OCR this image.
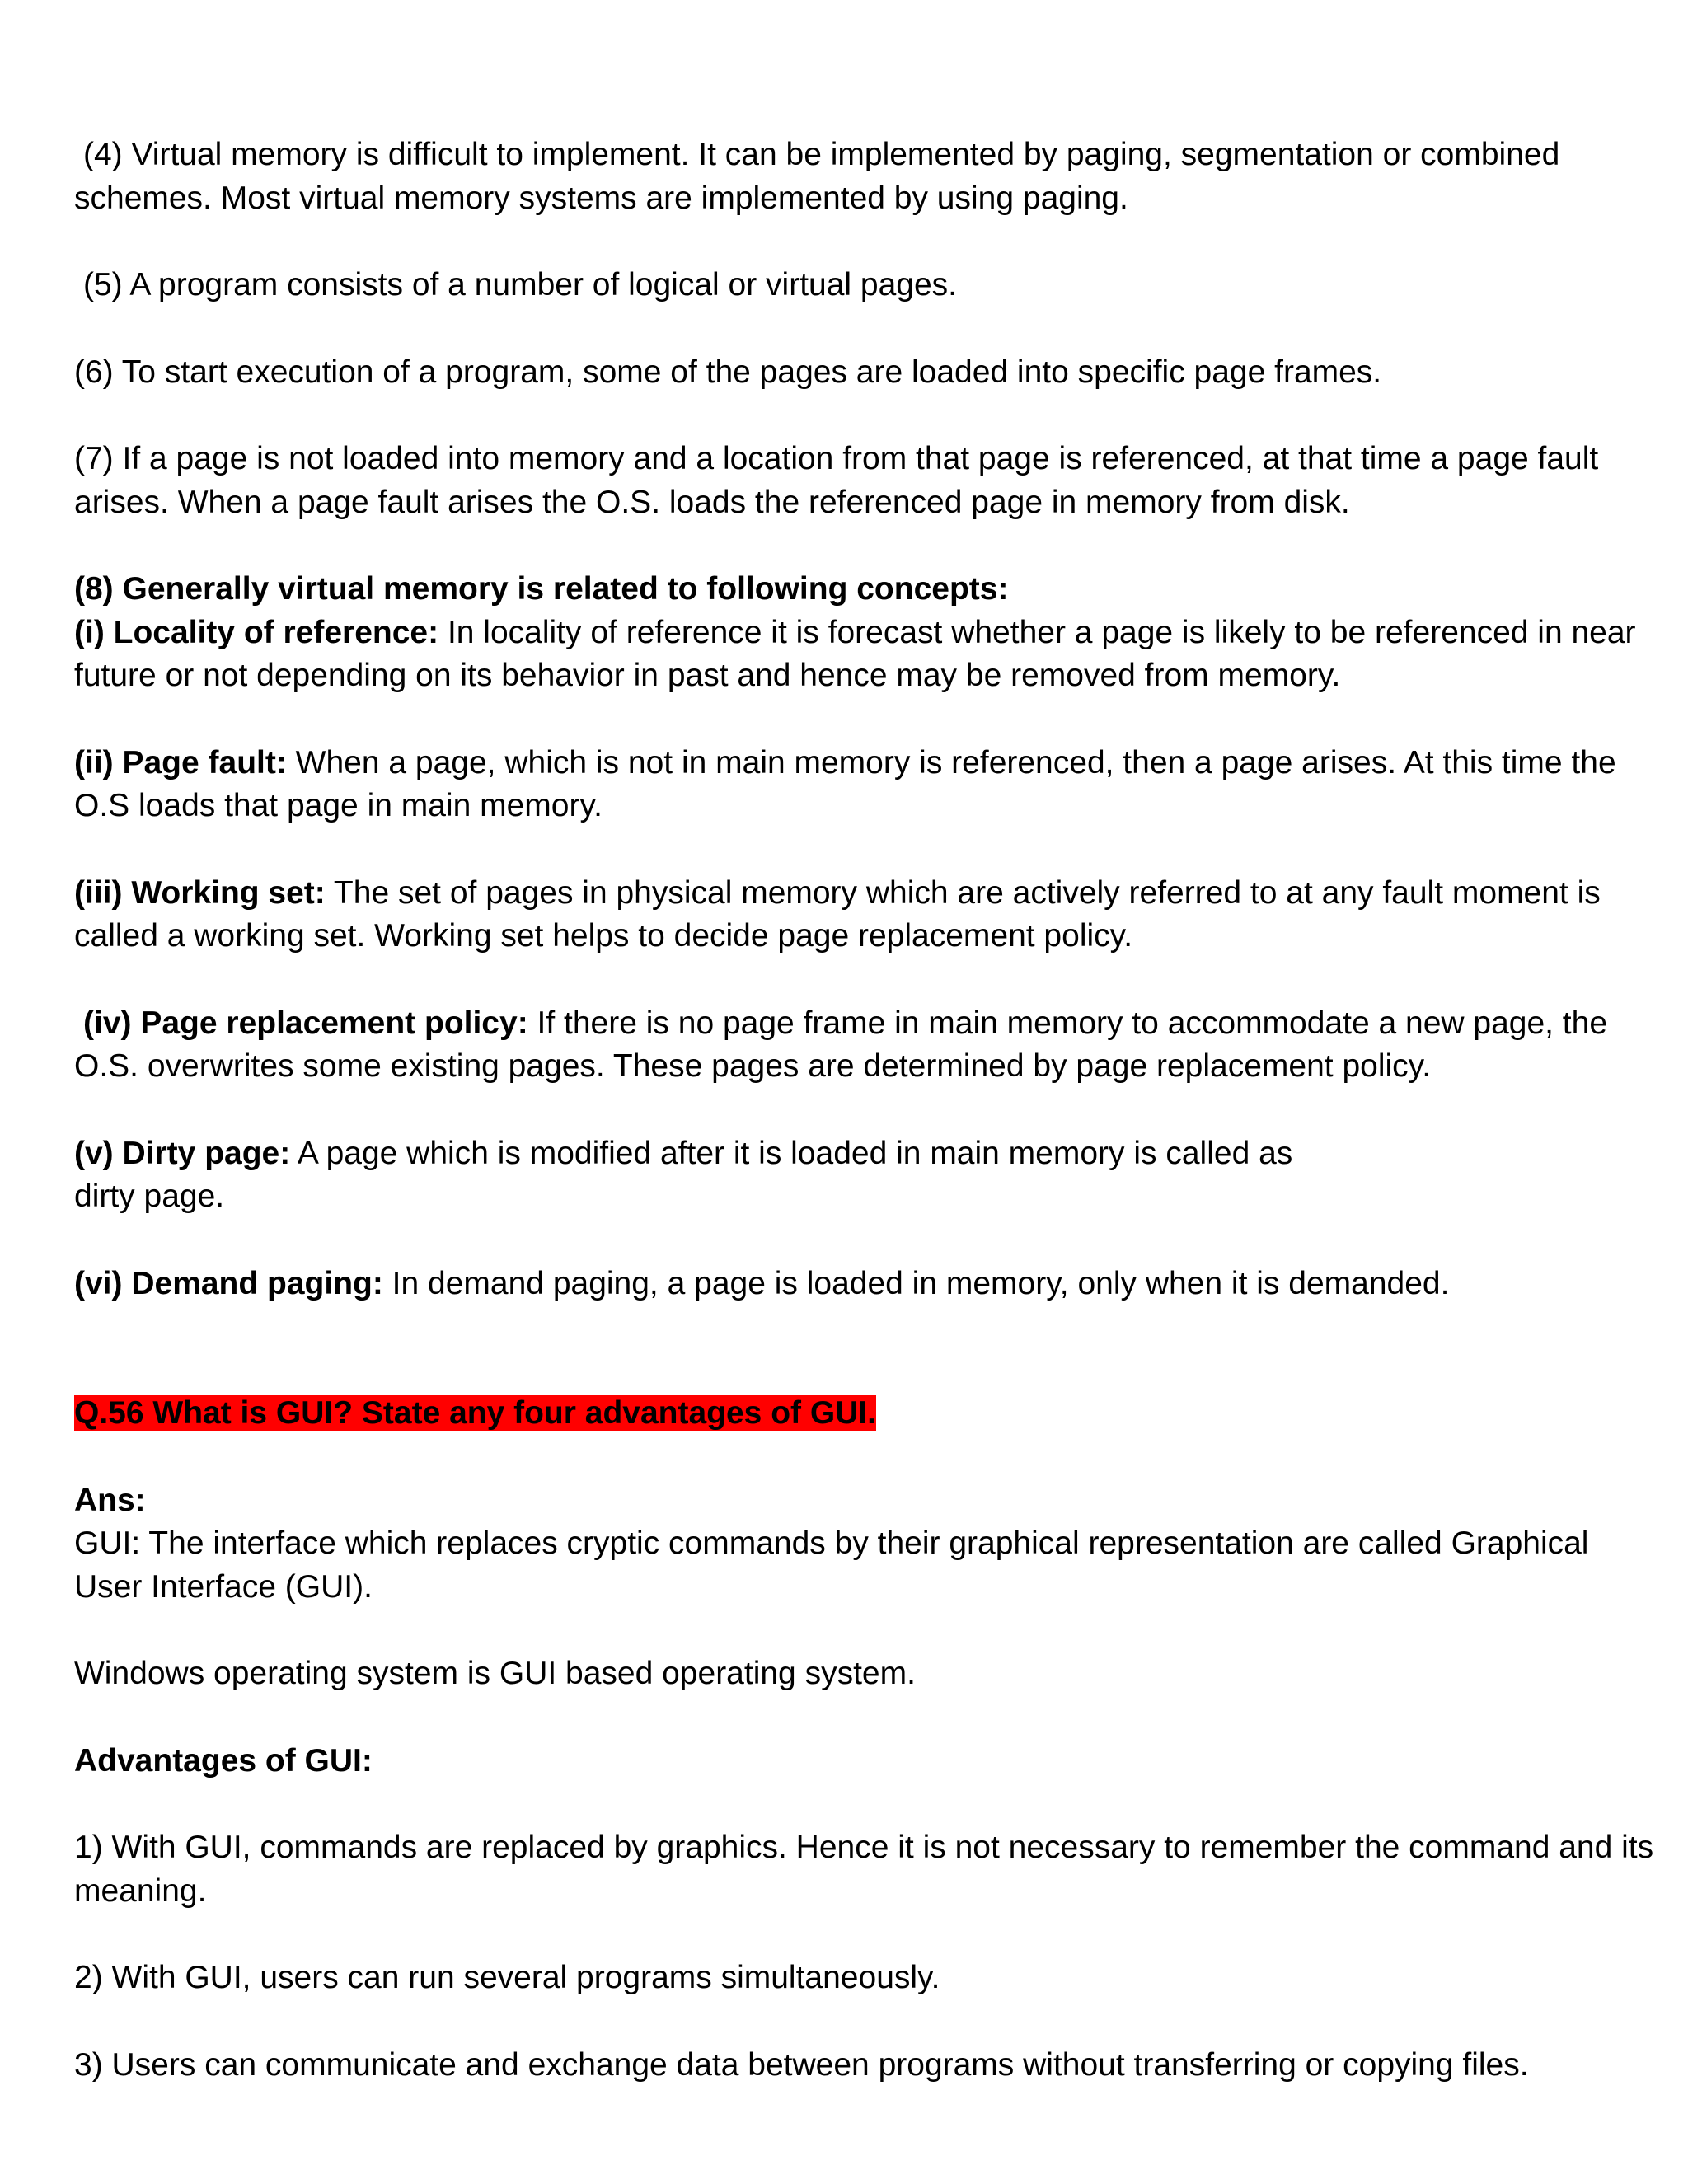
(4) Virtual memory is difficult to implement. It can be implemented by paging, segmentation or combined schemes. Most virtual memory systems are implemented by using paging.

(5) A program consists of a number of logical or virtual pages.

(6) To start execution of a program, some of the pages are loaded into specific page frames.

(7) If a page is not loaded into memory and a location from that page is referenced, at that time a page fault arises. When a page fault arises the O.S. loads the referenced page in memory from disk.

(8) Generally virtual memory is related to following concepts:

(i) Locality of reference: In locality of reference it is forecast whether a page is likely to be referenced in near future or not depending on its behavior in past and hence may be removed from memory.

(ii) Page fault: When a page, which is not in main memory is referenced, then a page arises. At this time the O.S loads that page in main memory.

(iii) Working set: The set of pages in physical memory which are actively referred to at any fault moment is called a working set. Working set helps to decide page replacement policy.

(iv) Page replacement policy: If there is no page frame in main memory to accommodate a new page, the O.S. overwrites some existing pages. These pages are determined by page replacement policy.

(v) Dirty page: A page which is modified after it is loaded in main memory is called as
dirty page.

(vi) Demand paging: In demand paging, a page is loaded in memory, only when it is demanded.

Q.56 What is GUI? State any four advantages of GUI.

Ans:

GUI: The interface which replaces cryptic commands by their graphical representation are called Graphical User Interface (GUI).

Windows operating system is GUI based operating system.

Advantages of GUI:

1) With GUI, commands are replaced by graphics. Hence it is not necessary to remember the command and its meaning.

2) With GUI, users can run several programs simultaneously.

3) Users can communicate and exchange data between programs without transferring or copying files.
